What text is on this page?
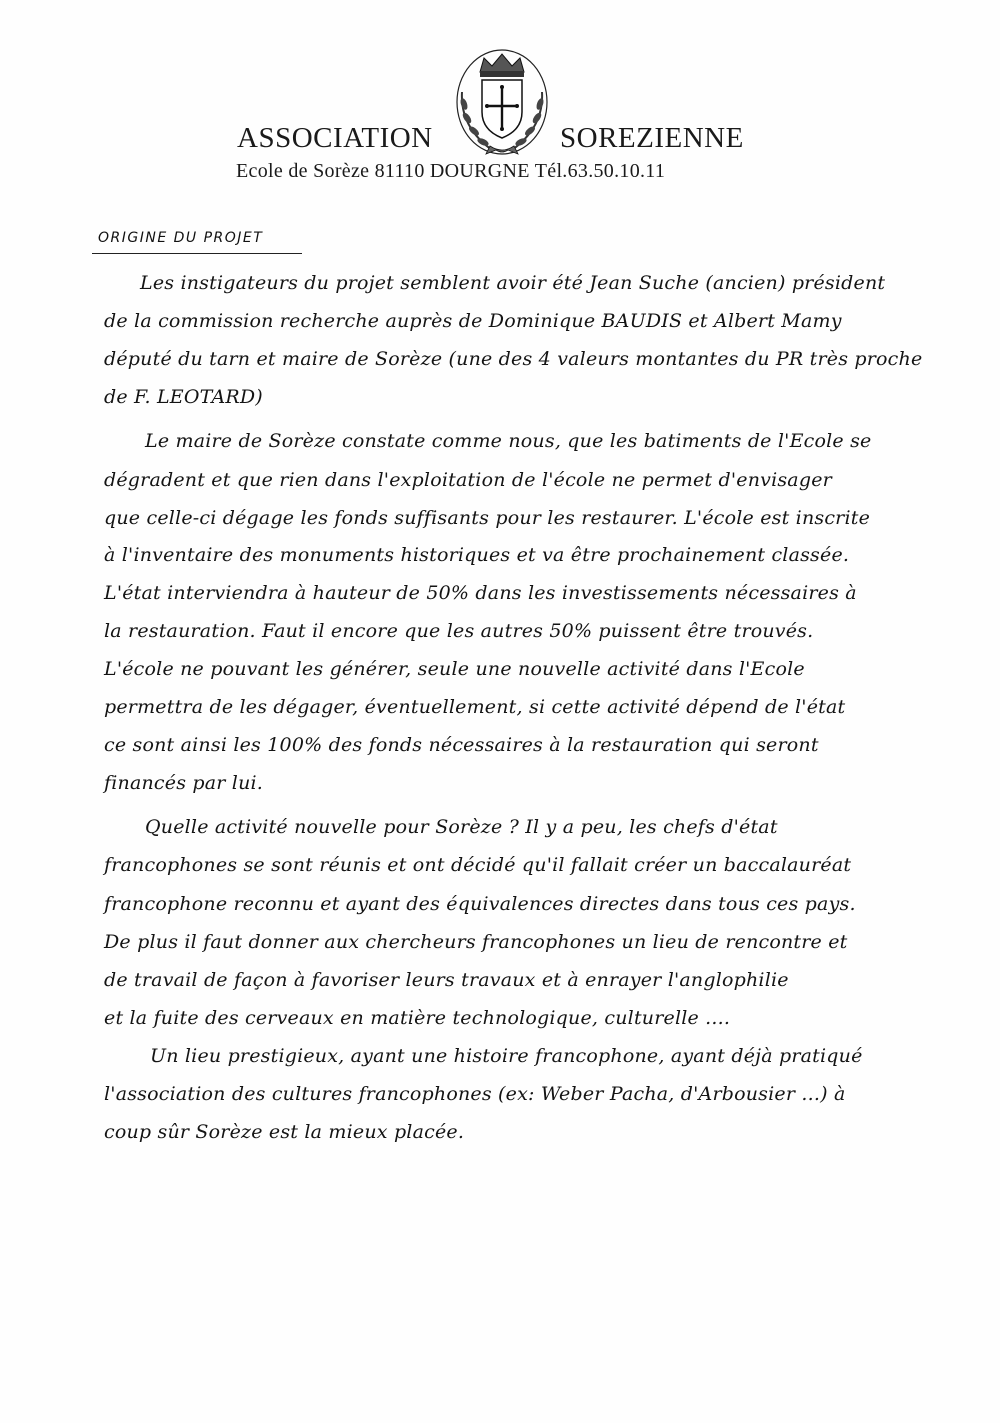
ASSOCIATION	SOREZIENNE
Ecole de Sorèze 81110 DOURGNE Tél.63.50.10.11
ORIGINE DU PROJET
Les instigateurs du projet semblent avoir été Jean Suche (ancien) président
de la commission recherche auprès de Dominique BAUDIS et Albert Mamy
député du tarn et maire de Sorèze (une des 4 valeurs montantes du PR très proche
de F. LEOTARD)
Le maire de Sorèze constate comme nous, que les batiments de l'Ecole se
dégradent et que rien dans l'exploitation de l'école ne permet d'envisager
que celle-ci dégage les fonds suffisants pour les restaurer. L'école est inscrite
à l'inventaire des monuments historiques et va être prochainement classée.
L'état interviendra à hauteur de 50% dans les investissements nécessaires à
la restauration. Faut il encore que les autres 50% puissent être trouvés.
L'école ne pouvant les générer, seule une nouvelle activité dans l'Ecole
permettra de les dégager, éventuellement, si cette activité dépend de l'état
ce sont ainsi les 100% des fonds nécessaires à la restauration qui seront
financés par lui.
Quelle activité nouvelle pour Sorèze ? Il y a peu, les chefs d'état
francophones se sont réunis et ont décidé qu'il fallait créer un baccalauréat
francophone reconnu et ayant des équivalences directes dans tous ces pays.
De plus il faut donner aux chercheurs francophones un lieu de rencontre et
de travail de façon à favoriser leurs travaux et à enrayer l'anglophilie
et la fuite des cerveaux en matière technologique, culturelle ....
Un lieu prestigieux, ayant une histoire francophone, ayant déjà pratiqué
l'association des cultures francophones (ex: Weber Pacha, d'Arbousier ...) à
coup sûr Sorèze est la mieux placée.
